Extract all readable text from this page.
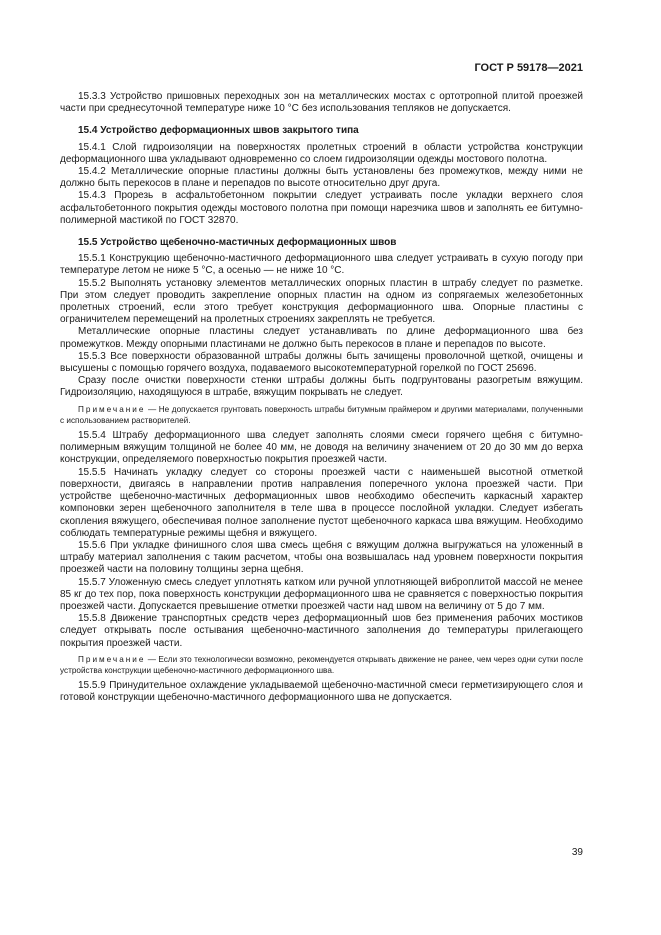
ГОСТ Р 59178—2021

15.3.3 Устройство пришовных переходных зон на металлических мостах с ортотропной плитой проезжей части при среднесуточной температуре ниже 10 °С без использования тепляков не допускается.

15.4 Устройство деформационных швов закрытого типа

15.4.1 Слой гидроизоляции на поверхностях пролетных строений в области устройства конструкции деформационного шва укладывают одновременно со слоем гидроизоляции одежды мостового полотна.

15.4.2 Металлические опорные пластины должны быть установлены без промежутков, между ними не должно быть перекосов в плане и перепадов по высоте относительно друг друга.

15.4.3 Прорезь в асфальтобетонном покрытии следует устраивать после укладки верхнего слоя асфальтобетонного покрытия одежды мостового полотна при помощи нарезчика швов и заполнять ее битумно-полимерной мастикой по ГОСТ 32870.

15.5 Устройство щебеночно-мастичных деформационных швов

15.5.1 Конструкцию щебеночно-мастичного деформационного шва следует устраивать в сухую погоду при температуре летом не ниже 5 °С, а осенью — не ниже 10 °С.

15.5.2 Выполнять установку элементов металлических опорных пластин в штрабу следует по разметке. При этом следует проводить закрепление опорных пластин на одном из сопрягаемых железобетонных пролетных строений, если этого требует конструкция деформационного шва. Опорные пластины с ограничителем перемещений на пролетных строениях закреплять не требуется.

Металлические опорные пластины следует устанавливать по длине деформационного шва без промежутков. Между опорными пластинами не должно быть перекосов в плане и перепадов по высоте.

15.5.3 Все поверхности образованной штрабы должны быть зачищены проволочной щеткой, очищены и высушены с помощью горячего воздуха, подаваемого высокотемпературной горелкой по ГОСТ 25696.

Сразу после очистки поверхности стенки штрабы должны быть подгрунтованы разогретым вяжущим. Гидроизоляцию, находящуюся в штрабе, вяжущим покрывать не следует.

Примечание — Не допускается грунтовать поверхность штрабы битумным праймером и другими материалами, полученными с использованием растворителей.

15.5.4 Штрабу деформационного шва следует заполнять слоями смеси горячего щебня с битумно-полимерным вяжущим толщиной не более 40 мм, не доводя на величину значением от 20 до 30 мм до верха конструкции, определяемого поверхностью покрытия проезжей части.

15.5.5 Начинать укладку следует со стороны проезжей части с наименьшей высотной отметкой поверхности, двигаясь в направлении против направления поперечного уклона проезжей части. При устройстве щебеночно-мастичных деформационных швов необходимо обеспечить каркасный характер компоновки зерен щебеночного заполнителя в теле шва в процессе послойной укладки. Следует избегать скопления вяжущего, обеспечивая полное заполнение пустот щебеночного каркаса шва вяжущим. Необходимо соблюдать температурные режимы щебня и вяжущего.

15.5.6 При укладке финишного слоя шва смесь щебня с вяжущим должна выгружаться на уложенный в штрабу материал заполнения с таким расчетом, чтобы она возвышалась над уровнем поверхности покрытия проезжей части на половину толщины зерна щебня.

15.5.7 Уложенную смесь следует уплотнять катком или ручной уплотняющей виброплитой массой не менее 85 кг до тех пор, пока поверхность конструкции деформационного шва не сравняется с поверхностью покрытия проезжей части. Допускается превышение отметки проезжей части над швом на величину от 5 до 7 мм.

15.5.8 Движение транспортных средств через деформационный шов без применения рабочих мостиков следует открывать после остывания щебеночно-мастичного заполнения до температуры прилегающего покрытия проезжей части.

Примечание — Если это технологически возможно, рекомендуется открывать движение не ранее, чем через одни сутки после устройства конструкции щебеночно-мастичного деформационного шва.

15.5.9 Принудительное охлаждение укладываемой щебеночно-мастичной смеси герметизирующего слоя и готовой конструкции щебеночно-мастичного деформационного шва не допускается.

39
